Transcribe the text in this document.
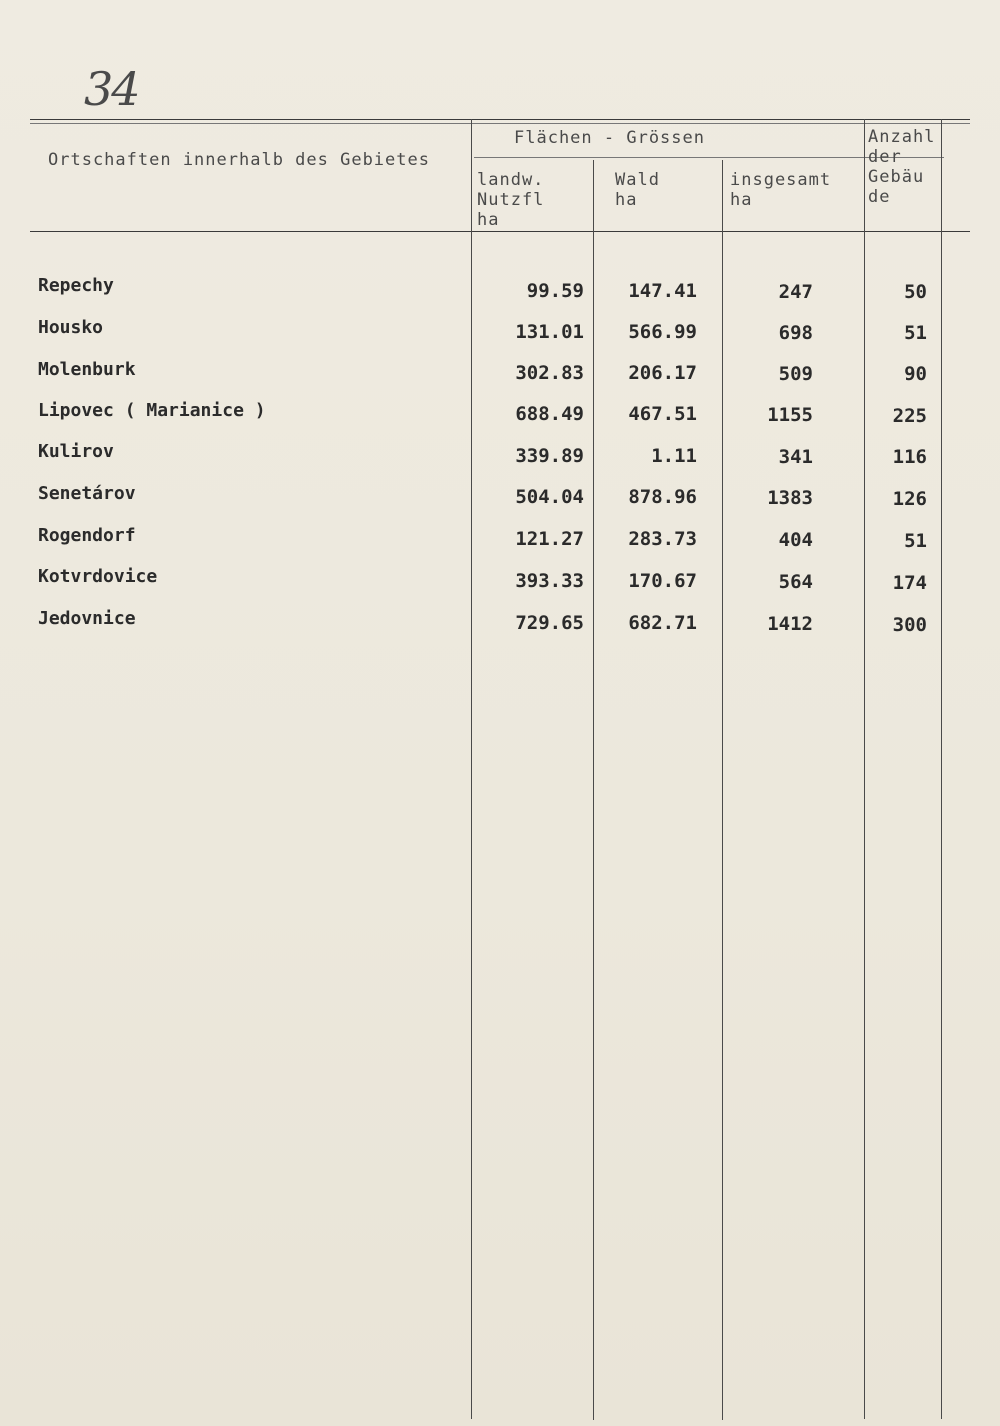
34
Ortschaften innerhalb des Gebietes
Flächen - Grössen
landw.
Nutzfl
ha
Wald
ha
insgesamt
ha
Anzahl
der
Gebäu
de
Repechy	99.59 147.41	247	50
Housko	131.01 566.99	698	51
Molenburk	302.83 206.17	509	90
Lipovec ( Marianice )	688.49 467.51	1155	225
Kulirov	339.89	1.11	341	116
Senetárov	504.04 878.96	1383	126
Rogendorf	121.27 283.73	404	51
Kotvrdovice	393.33 170.67	564	174
Jedovnice	729.65 682.71	1412	300
